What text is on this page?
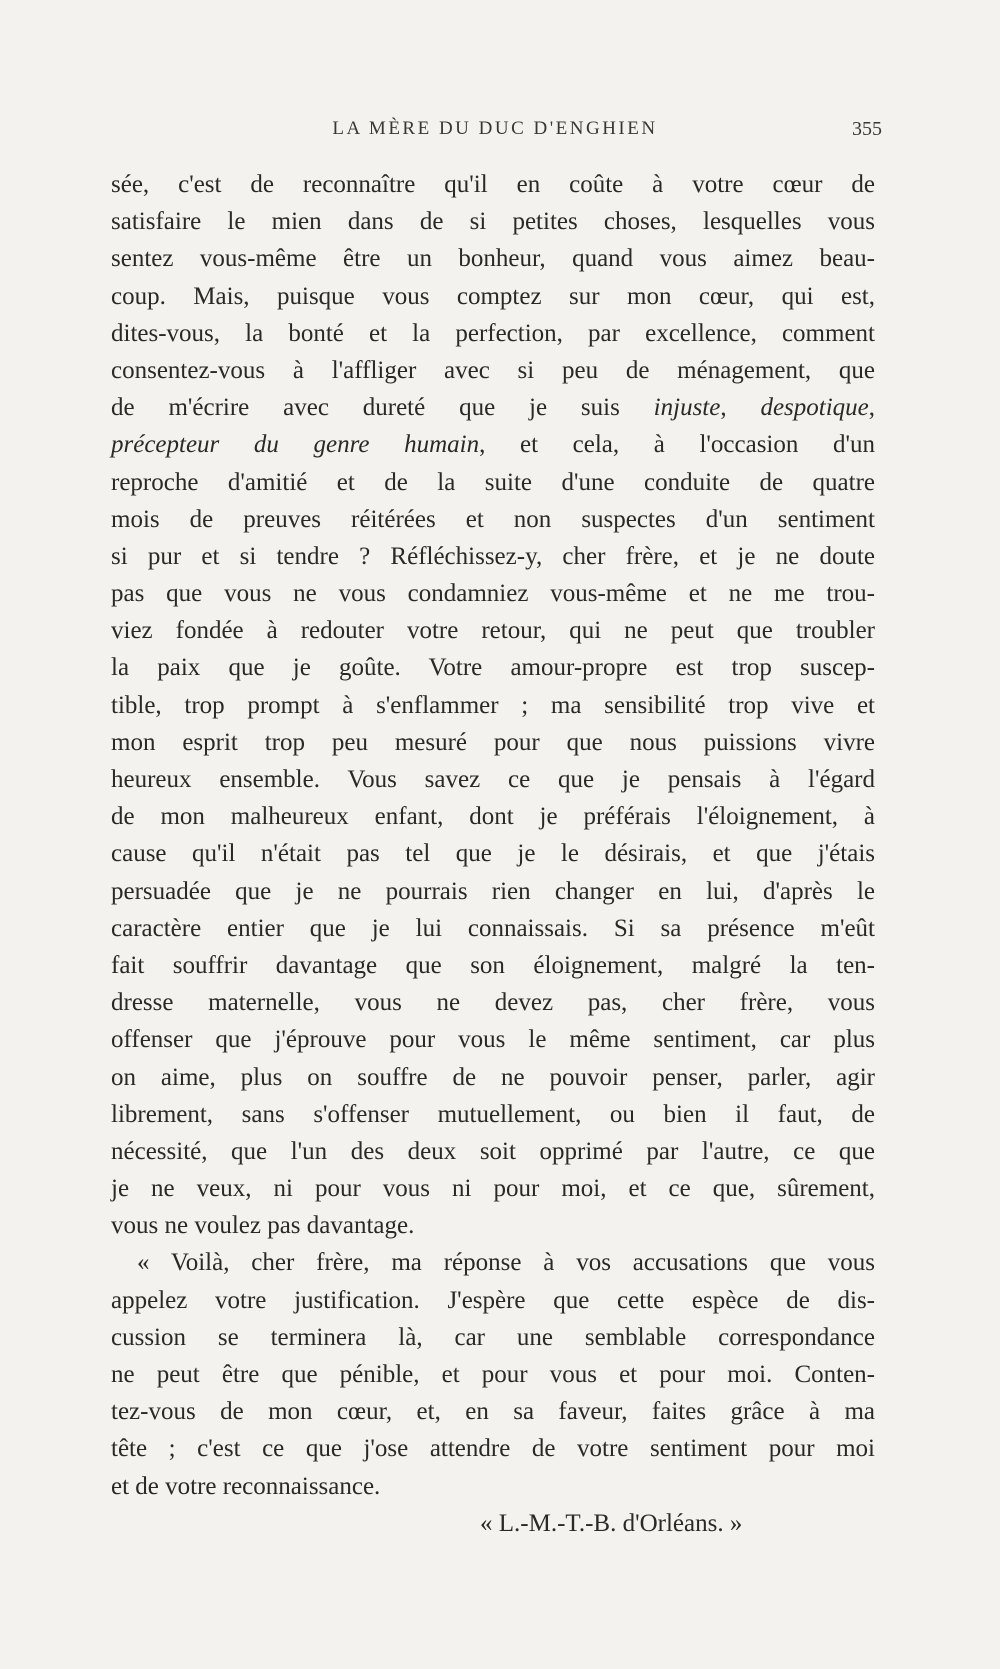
LA MÈRE DU DUC D'ENGHIEN	355
sée, c'est de reconnaître qu'il en coûte à votre cœur de
satisfaire le mien dans de si petites choses, lesquelles vous
sentez vous-même être un bonheur, quand vous aimez beau-
coup. Mais, puisque vous comptez sur mon cœur, qui est,
dites-vous, la bonté et la perfection, par excellence, comment
consentez-vous à l'affliger avec si peu de ménagement, que
de m'écrire avec dureté que je suis injuste, despotique,
précepteur du genre humain, et cela, à l'occasion d'un
reproche d'amitié et de la suite d'une conduite de quatre
mois de preuves réitérées et non suspectes d'un sentiment
si pur et si tendre ? Réfléchissez-y, cher frère, et je ne doute
pas que vous ne vous condamniez vous-même et ne me trou-
viez fondée à redouter votre retour, qui ne peut que troubler
la paix que je goûte. Votre amour-propre est trop suscep-
tible, trop prompt à s'enflammer ; ma sensibilité trop vive et
mon esprit trop peu mesuré pour que nous puissions vivre
heureux ensemble. Vous savez ce que je pensais à l'égard
de mon malheureux enfant, dont je préférais l'éloignement, à
cause qu'il n'était pas tel que je le désirais, et que j'étais
persuadée que je ne pourrais rien changer en lui, d'après le
caractère entier que je lui connaissais. Si sa présence m'eût
fait souffrir davantage que son éloignement, malgré la ten-
dresse maternelle, vous ne devez pas, cher frère, vous
offenser que j'éprouve pour vous le même sentiment, car plus
on aime, plus on souffre de ne pouvoir penser, parler, agir
librement, sans s'offenser mutuellement, ou bien il faut, de
nécessité, que l'un des deux soit opprimé par l'autre, ce que
je ne veux, ni pour vous ni pour moi, et ce que, sûrement,
vous ne voulez pas davantage.
« Voilà, cher frère, ma réponse à vos accusations que vous
appelez votre justification. J'espère que cette espèce de dis-
cussion se terminera là, car une semblable correspondance
ne peut être que pénible, et pour vous et pour moi. Conten-
tez-vous de mon cœur, et, en sa faveur, faites grâce à ma
tête ; c'est ce que j'ose attendre de votre sentiment pour moi
et de votre reconnaissance.
« L.-M.-T.-B. d'Orléans. »
